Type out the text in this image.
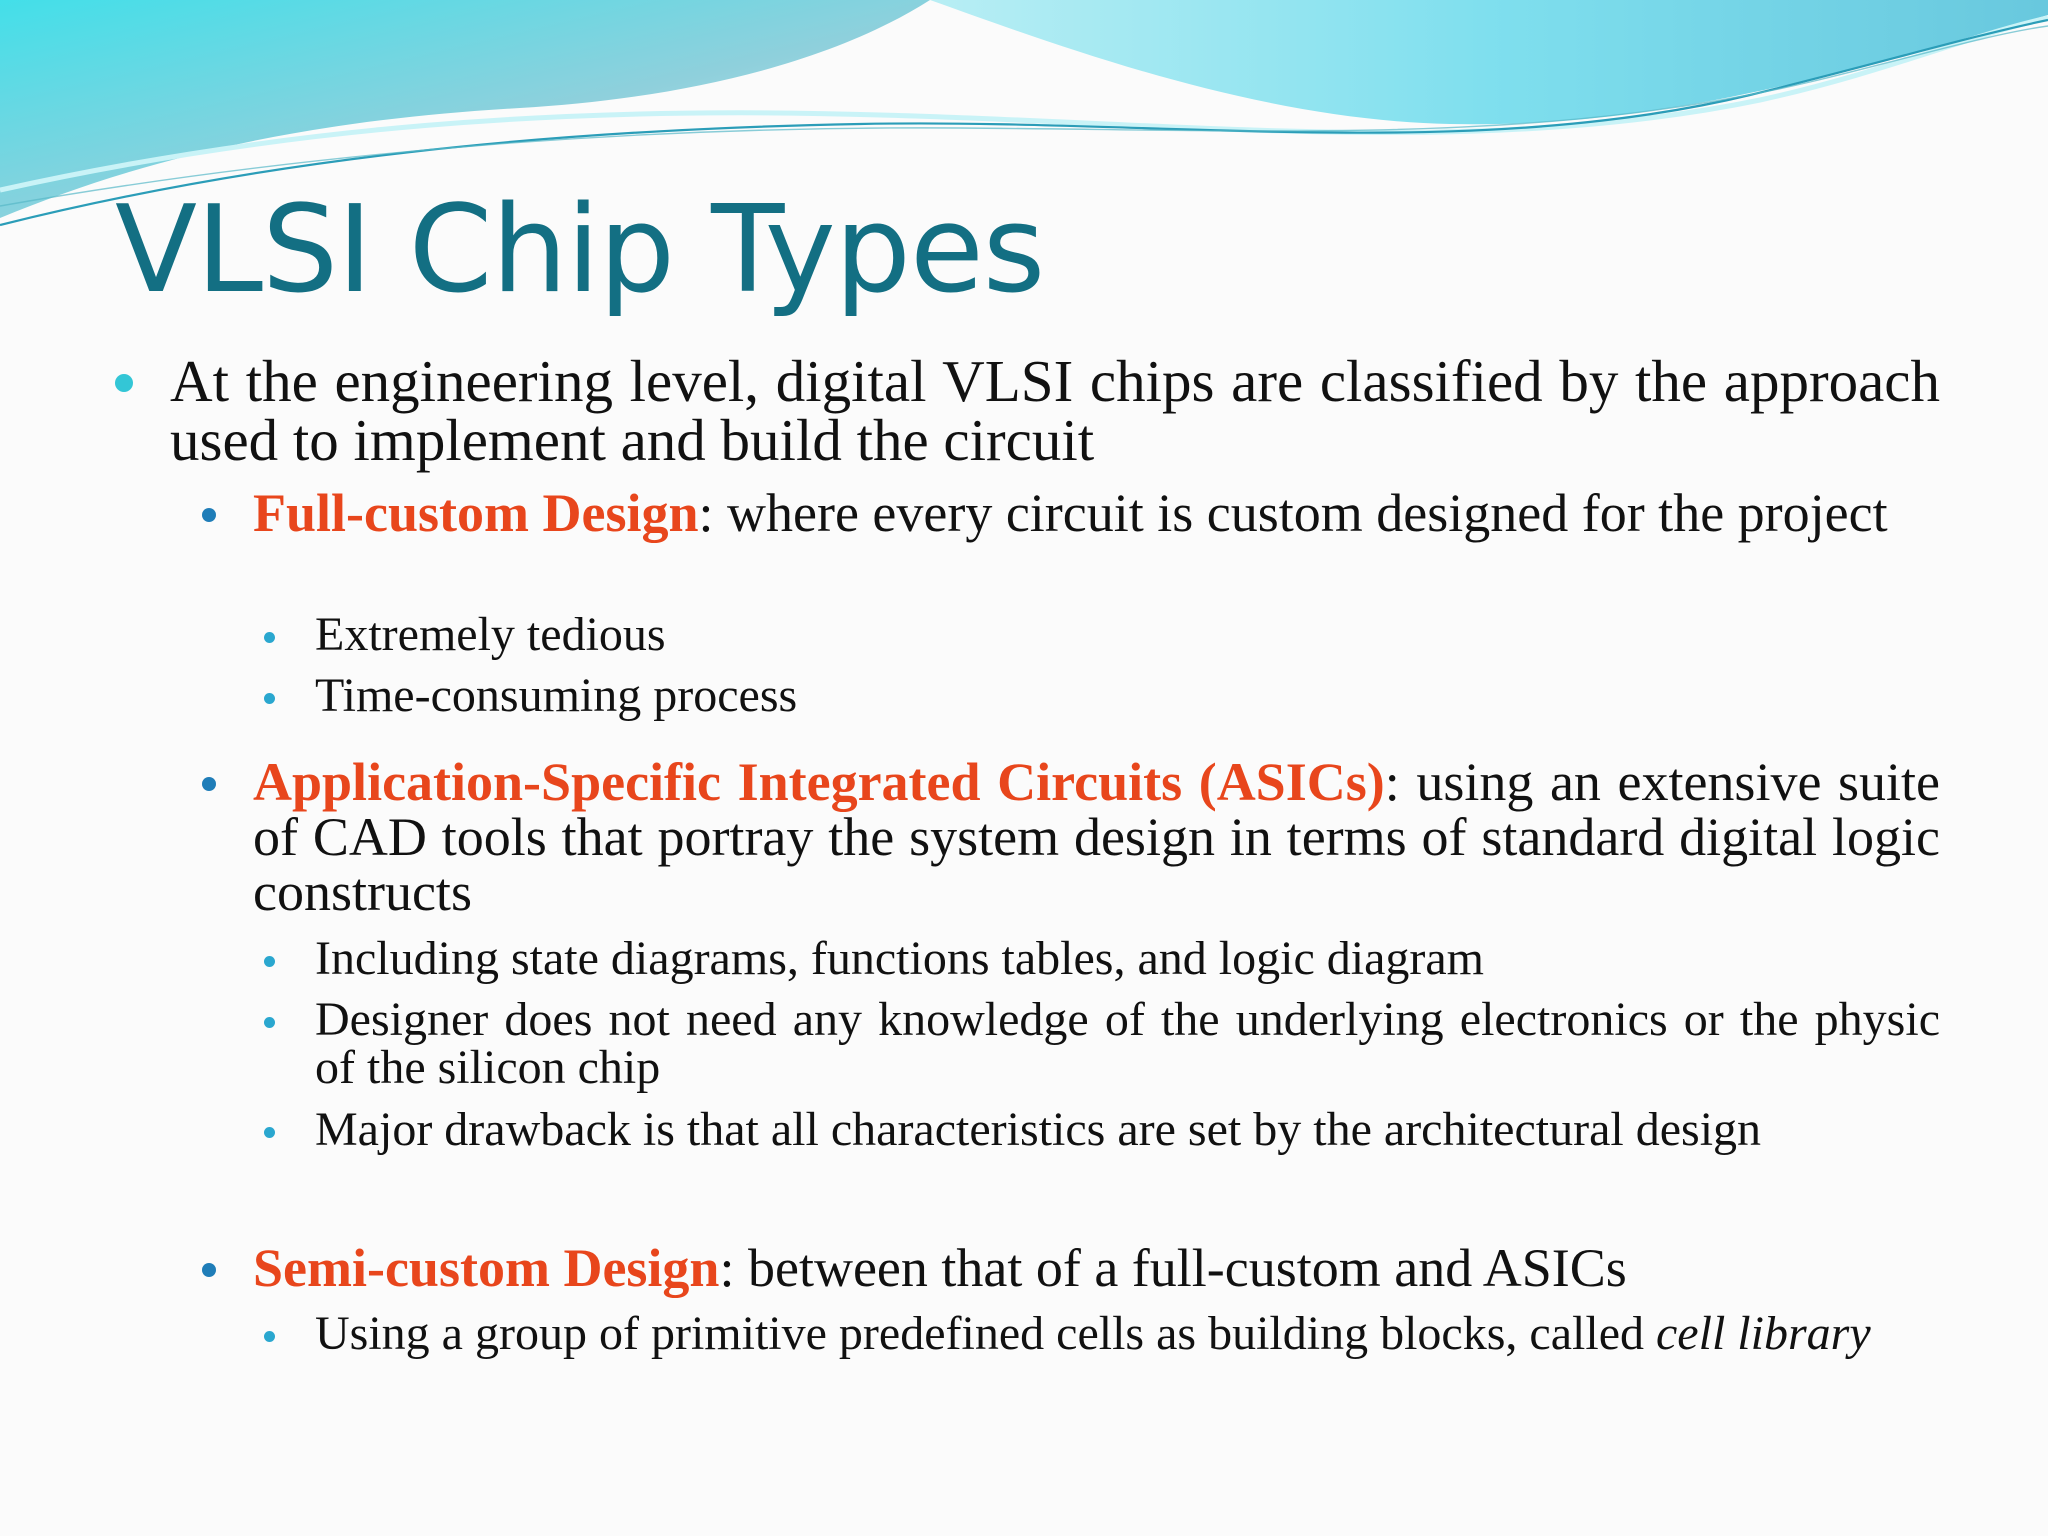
VLSI Chip Types
At the engineering level, digital VLSI chips are classified by the approach used to implement and build the circuit
Full-custom Design: where every circuit is custom designed for the project
Extremely tedious
Time-consuming process
Application-Specific Integrated Circuits (ASICs): using an extensive suite of CAD tools that portray the system design in terms of standard digital logic constructs
Including state diagrams, functions tables, and logic diagram
Designer does not need any knowledge of the underlying electronics or the physic of the silicon chip
Major drawback is that all characteristics are set by the architectural design
Semi-custom Design: between that of a full-custom and ASICs
Using a group of primitive predefined cells as building blocks, called cell library
